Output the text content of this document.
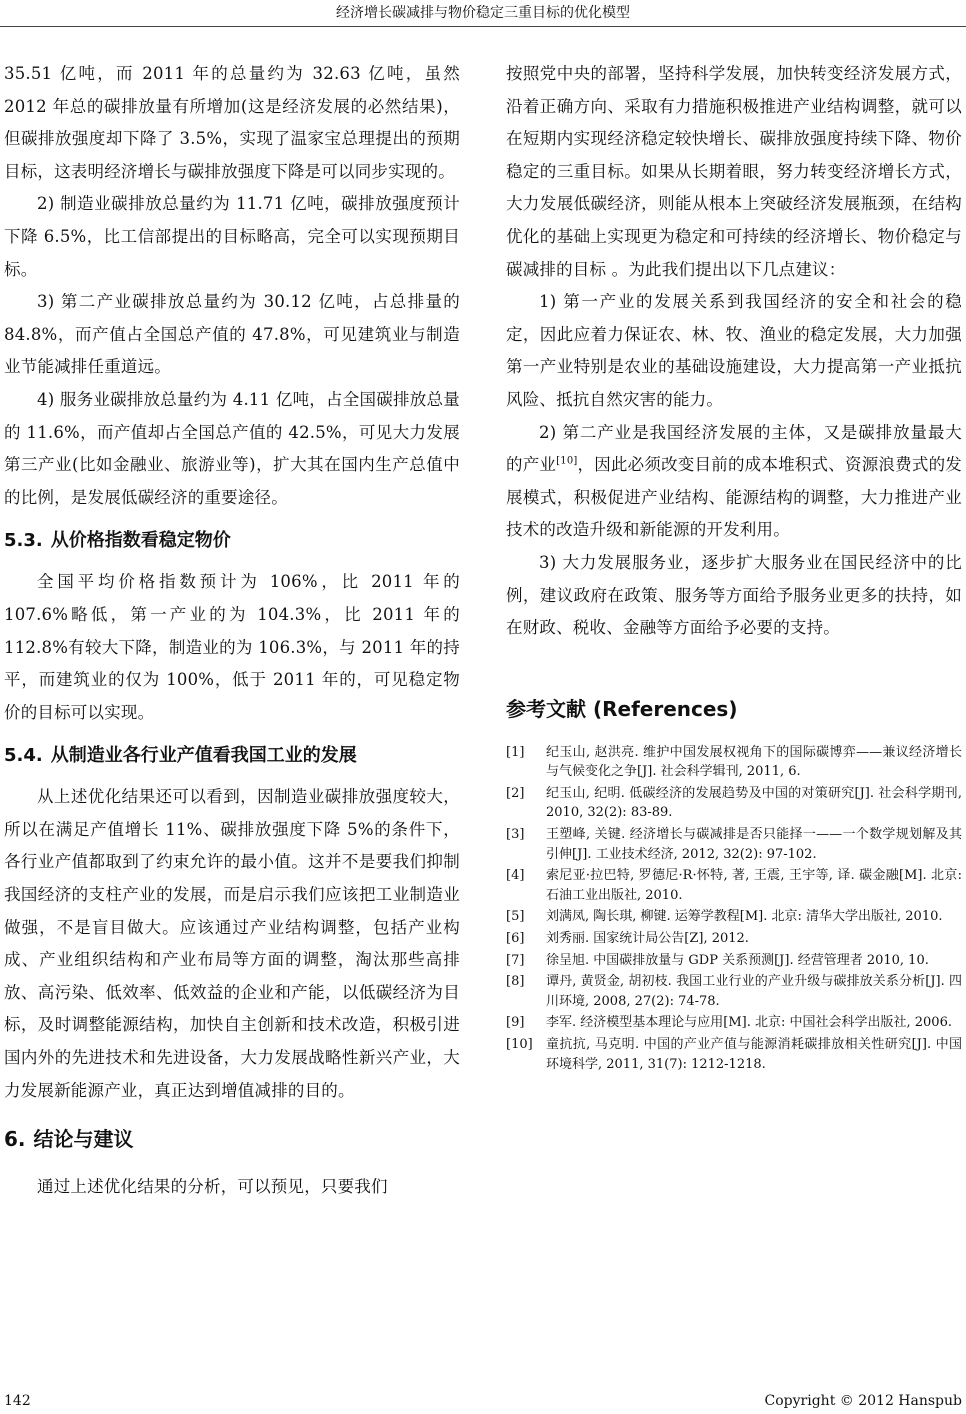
经济增长碳减排与物价稳定三重目标的优化模型

35.51 亿吨，而 2011 年的总量约为 32.63 亿吨，虽然 2012 年总的碳排放量有所增加(这是经济发展的必然结果)，但碳排放强度却下降了 3.5%，实现了温家宝总理提出的预期目标，这表明经济增长与碳排放强度下降是可以同步实现的。

2) 制造业碳排放总量约为 11.71 亿吨，碳排放强度预计下降 6.5%，比工信部提出的目标略高，完全可以实现预期目标。

3) 第二产业碳排放总量约为 30.12 亿吨，占总排量的 84.8%，而产值占全国总产值的 47.8%，可见建筑业与制造业节能减排任重道远。

4) 服务业碳排放总量约为 4.11 亿吨，占全国碳排放总量的 11.6%，而产值却占全国总产值的 42.5%，可见大力发展第三产业(比如金融业、旅游业等)，扩大其在国内生产总值中的比例，是发展低碳经济的重要途径。

5.3. 从价格指数看稳定物价

全国平均价格指数预计为 106%，比 2011 年的 107.6%略低，第一产业的为 104.3%，比 2011 年的 112.8%有较大下降，制造业的为 106.3%，与 2011 年的持平，而建筑业的仅为 100%，低于 2011 年的，可见稳定物价的目标可以实现。

5.4. 从制造业各行业产值看我国工业的发展

从上述优化结果还可以看到，因制造业碳排放强度较大，所以在满足产值增长 11%、碳排放强度下降 5%的条件下，各行业产值都取到了约束允许的最小值。这并不是要我们抑制我国经济的支柱产业的发展，而是启示我们应该把工业制造业做强，不是盲目做大。应该通过产业结构调整，包括产业构成、产业组织结构和产业布局等方面的调整，淘汰那些高排放、高污染、低效率、低效益的企业和产能，以低碳经济为目标，及时调整能源结构，加快自主创新和技术改造，积极引进国内外的先进技术和先进设备，大力发展战略性新兴产业，大力发展新能源产业，真正达到增值减排的目的。

6. 结论与建议

通过上述优化结果的分析，可以预见，只要我们

按照党中央的部署，坚持科学发展，加快转变经济发展方式，沿着正确方向、采取有力措施积极推进产业结构调整，就可以在短期内实现经济稳定较快增长、碳排放强度持续下降、物价稳定的三重目标。如果从长期着眼，努力转变经济增长方式，大力发展低碳经济，则能从根本上突破经济发展瓶颈，在结构优化的基础上实现更为稳定和可持续的经济增长、物价稳定与碳减排的目标 。为此我们提出以下几点建议：

1) 第一产业的发展关系到我国经济的安全和社会的稳定，因此应着力保证农、林、牧、渔业的稳定发展，大力加强第一产业特别是农业的基础设施建设，大力提高第一产业抵抗风险、抵抗自然灾害的能力。

2) 第二产业是我国经济发展的主体，又是碳排放量最大的产业[10]，因此必须改变目前的成本堆积式、资源浪费式的发展模式，积极促进产业结构、能源结构的调整，大力推进产业技术的改造升级和新能源的开发利用。

3) 大力发展服务业，逐步扩大服务业在国民经济中的比例，建议政府在政策、服务等方面给予服务业更多的扶持，如在财政、税收、金融等方面给予必要的支持。

参考文献 (References)
[1]	纪玉山, 赵洪亮. 维护中国发展权视角下的国际碳博弈——兼议经济增长与气候变化之争[J]. 社会科学辑刊, 2011, 6.
[2]	纪玉山, 纪明. 低碳经济的发展趋势及中国的对策研究[J]. 社会科学期刊, 2010, 32(2): 83-89.
[3]	王塑峰, 关键. 经济增长与碳减排是否只能择一——一个数学规划解及其引伸[J]. 工业技术经济, 2012, 32(2): 97-102.
[4]	索尼亚·拉巴特, 罗德尼·R·怀特, 著, 王震, 王宇等, 译. 碳金融[M]. 北京: 石油工业出版社, 2010.
[5]	刘满凤, 陶长琪, 柳键. 运筹学教程[M]. 北京: 清华大学出版社, 2010.
[6]	刘秀丽. 国家统计局公告[Z], 2012.
[7]	徐呈旭. 中国碳排放量与 GDP 关系预测[J]. 经营管理者 2010, 10.
[8]	谭丹, 黄贤金, 胡初枝. 我国工业行业的产业升级与碳排放关系分析[J]. 四川环境, 2008, 27(2): 74-78.
[9]	李军. 经济模型基本理论与应用[M]. 北京: 中国社会科学出版社, 2006.
[10]	童抗抗, 马克明. 中国的产业产值与能源消耗碳排放相关性研究[J]. 中国环境科学, 2011, 31(7): 1212-1218.
142	Copyright © 2012 Hanspub
